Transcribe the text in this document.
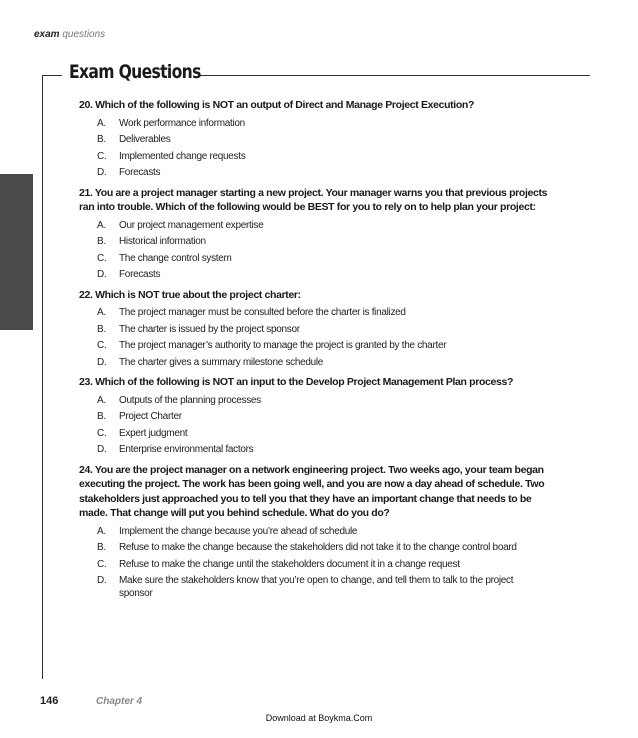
exam questions
Exam Questions

20. Which of the following is NOT an output of Direct and Manage Project Execution?

A.	Work performance information
B.	Deliverables
C.	Implemented change requests
D.	Forecasts

21. You are a project manager starting a new project. Your manager warns you that previous projects ran into trouble. Which of the following would be BEST for you to rely on to help plan your project:

A.	Our project management expertise
B.	Historical information
C.	The change control system
D.	Forecasts

22. Which is NOT true about the project charter:

A.	The project manager must be consulted before the charter is finalized
B.	The charter is issued by the project sponsor
C.	The project manager’s authority to manage the project is granted by the charter
D.	The charter gives a summary milestone schedule

23. Which of the following is NOT an input to the Develop Project Management Plan process?

A.	Outputs of the planning processes
B.	Project Charter
C.	Expert judgment
D.	Enterprise environmental factors

24. You are the project manager on a network engineering project. Two weeks ago, your team began executing the project. The work has been going well, and you are now a day ahead of schedule. Two stakeholders just approached you to tell you that they have an important change that needs to be made. That change will put you behind schedule. What do you do?

A.	Implement the change because you’re ahead of schedule
B.	Refuse to make the change because the stakeholders did not take it to the change control board
C.	Refuse to make the change until the stakeholders document it in a change request
D.	Make sure the stakeholders know that you’re open to change, and tell them to talk to the project sponsor
146	Chapter 4
Download at Boykma.Com
